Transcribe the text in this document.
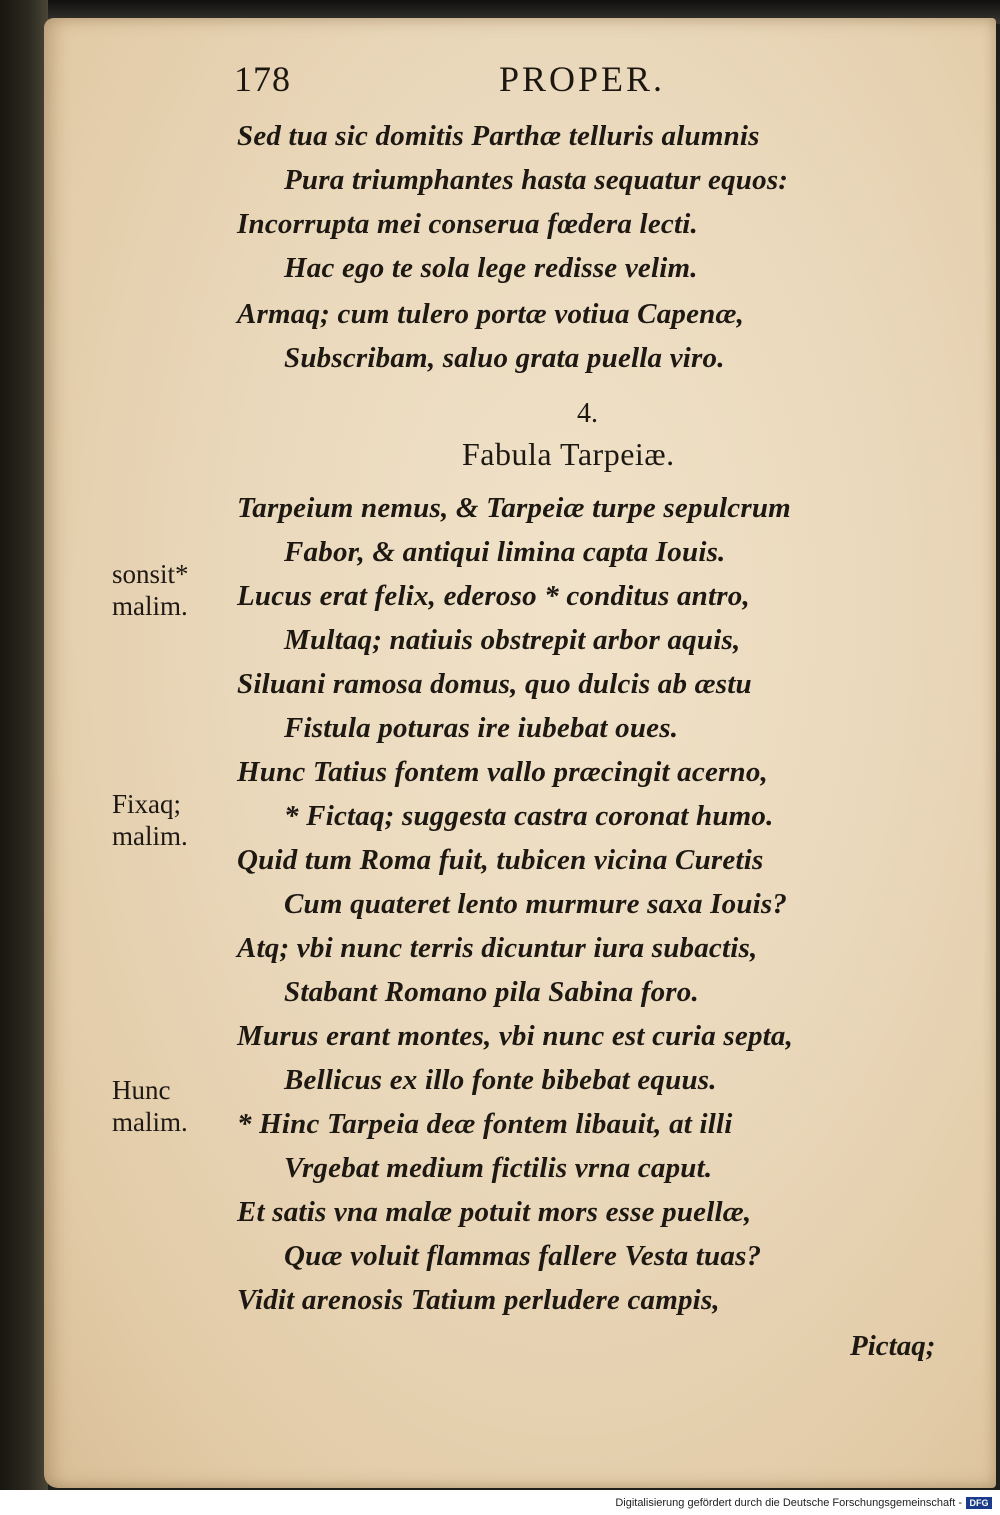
178	PROPER.
Sed tua sic domitis Parthæ telluris alumnis
Pura triumphantes hasta sequatur equos:
Incorrupta mei conserua fœdera lecti.
Hac ego te sola lege redisse velim.
Armaq; cum tulero portæ votiua Capenæ,
Subscribam, saluo grata puella viro.
4.
Fabula Tarpeiæ.
Tarpeium nemus, & Tarpeiæ turpe sepulcrum
Fabor, & antiqui limina capta Iouis.
Lucus erat felix, ederoso * conditus antro,
Multaq; natiuis obstrepit arbor aquis,
Siluani ramosa domus, quo dulcis ab æstu
Fistula poturas ire iubebat oues.
Hunc Tatius fontem vallo præcingit acerno,
* Fictaq; suggesta castra coronat humo.
Quid tum Roma fuit, tubicen vicina Curetis
Cum quateret lento murmure saxa Iouis?
Atq; vbi nunc terris dicuntur iura subactis,
Stabant Romano pila Sabina foro.
Murus erant montes, vbi nunc est curia septa,
Bellicus ex illo fonte bibebat equus.
* Hinc Tarpeia deæ fontem libauit, at illi
Vrgebat medium fictilis vrna caput.
Et satis vna malæ potuit mors esse puellæ,
Quæ voluit flammas fallere Vesta tuas?
Vidit arenosis Tatium perludere campis,
sonsit*
malim.
Fixaq;
malim.
Hunc
malim.
Pictaq;
Digitalisierung gefördert durch die Deutsche Forschungsgemeinschaft - DFG
